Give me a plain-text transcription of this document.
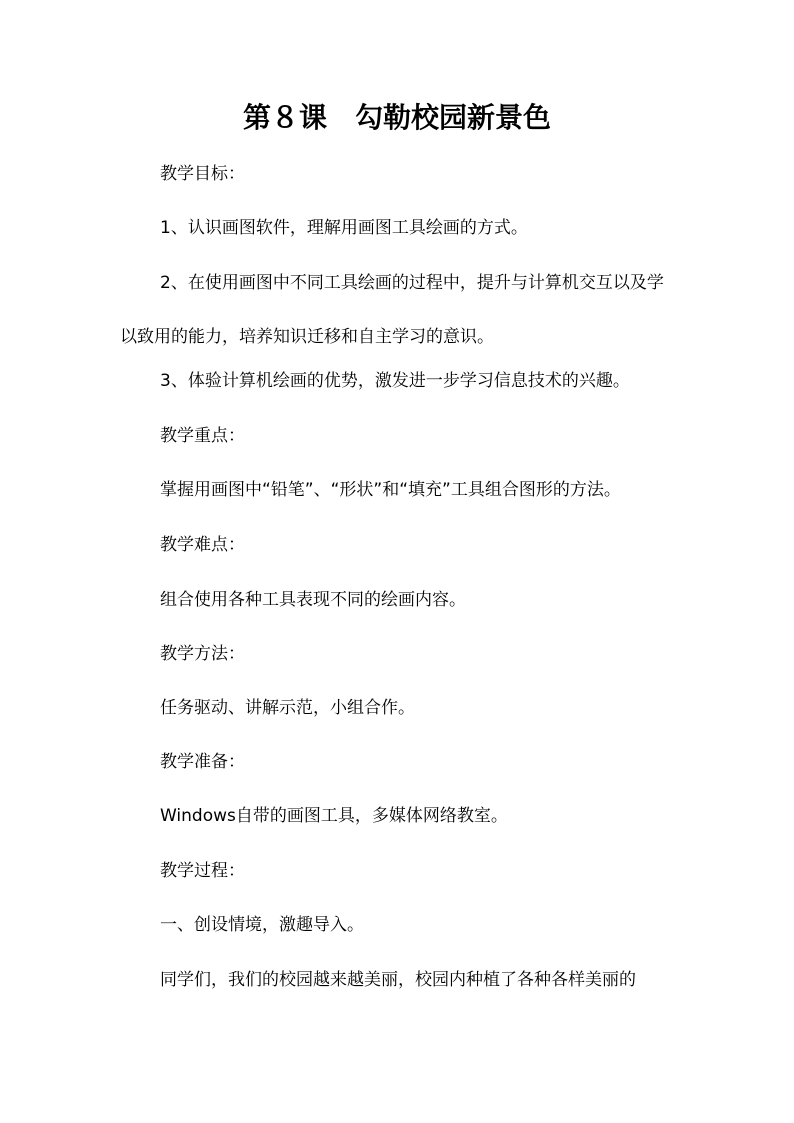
第８课　勾勒校园新景色
教学目标：
1、认识画图软件，理解用画图工具绘画的方式。
2、在使用画图中不同工具绘画的过程中，提升与计算机交互以及学以致用的能力，培养知识迁移和自主学习的意识。
3、体验计算机绘画的优势，激发进一步学习信息技术的兴趣。
教学重点：
掌握用画图中“铅笔”、“形状”和“填充”工具组合图形的方法。
教学难点：
组合使用各种工具表现不同的绘画内容。
教学方法：
任务驱动、讲解示范，小组合作。
教学准备：
Windows自带的画图工具，多媒体网络教室。
教学过程：
一、创设情境，激趣导入。
同学们，我们的校园越来越美丽，校园内种植了各种各样美丽的
